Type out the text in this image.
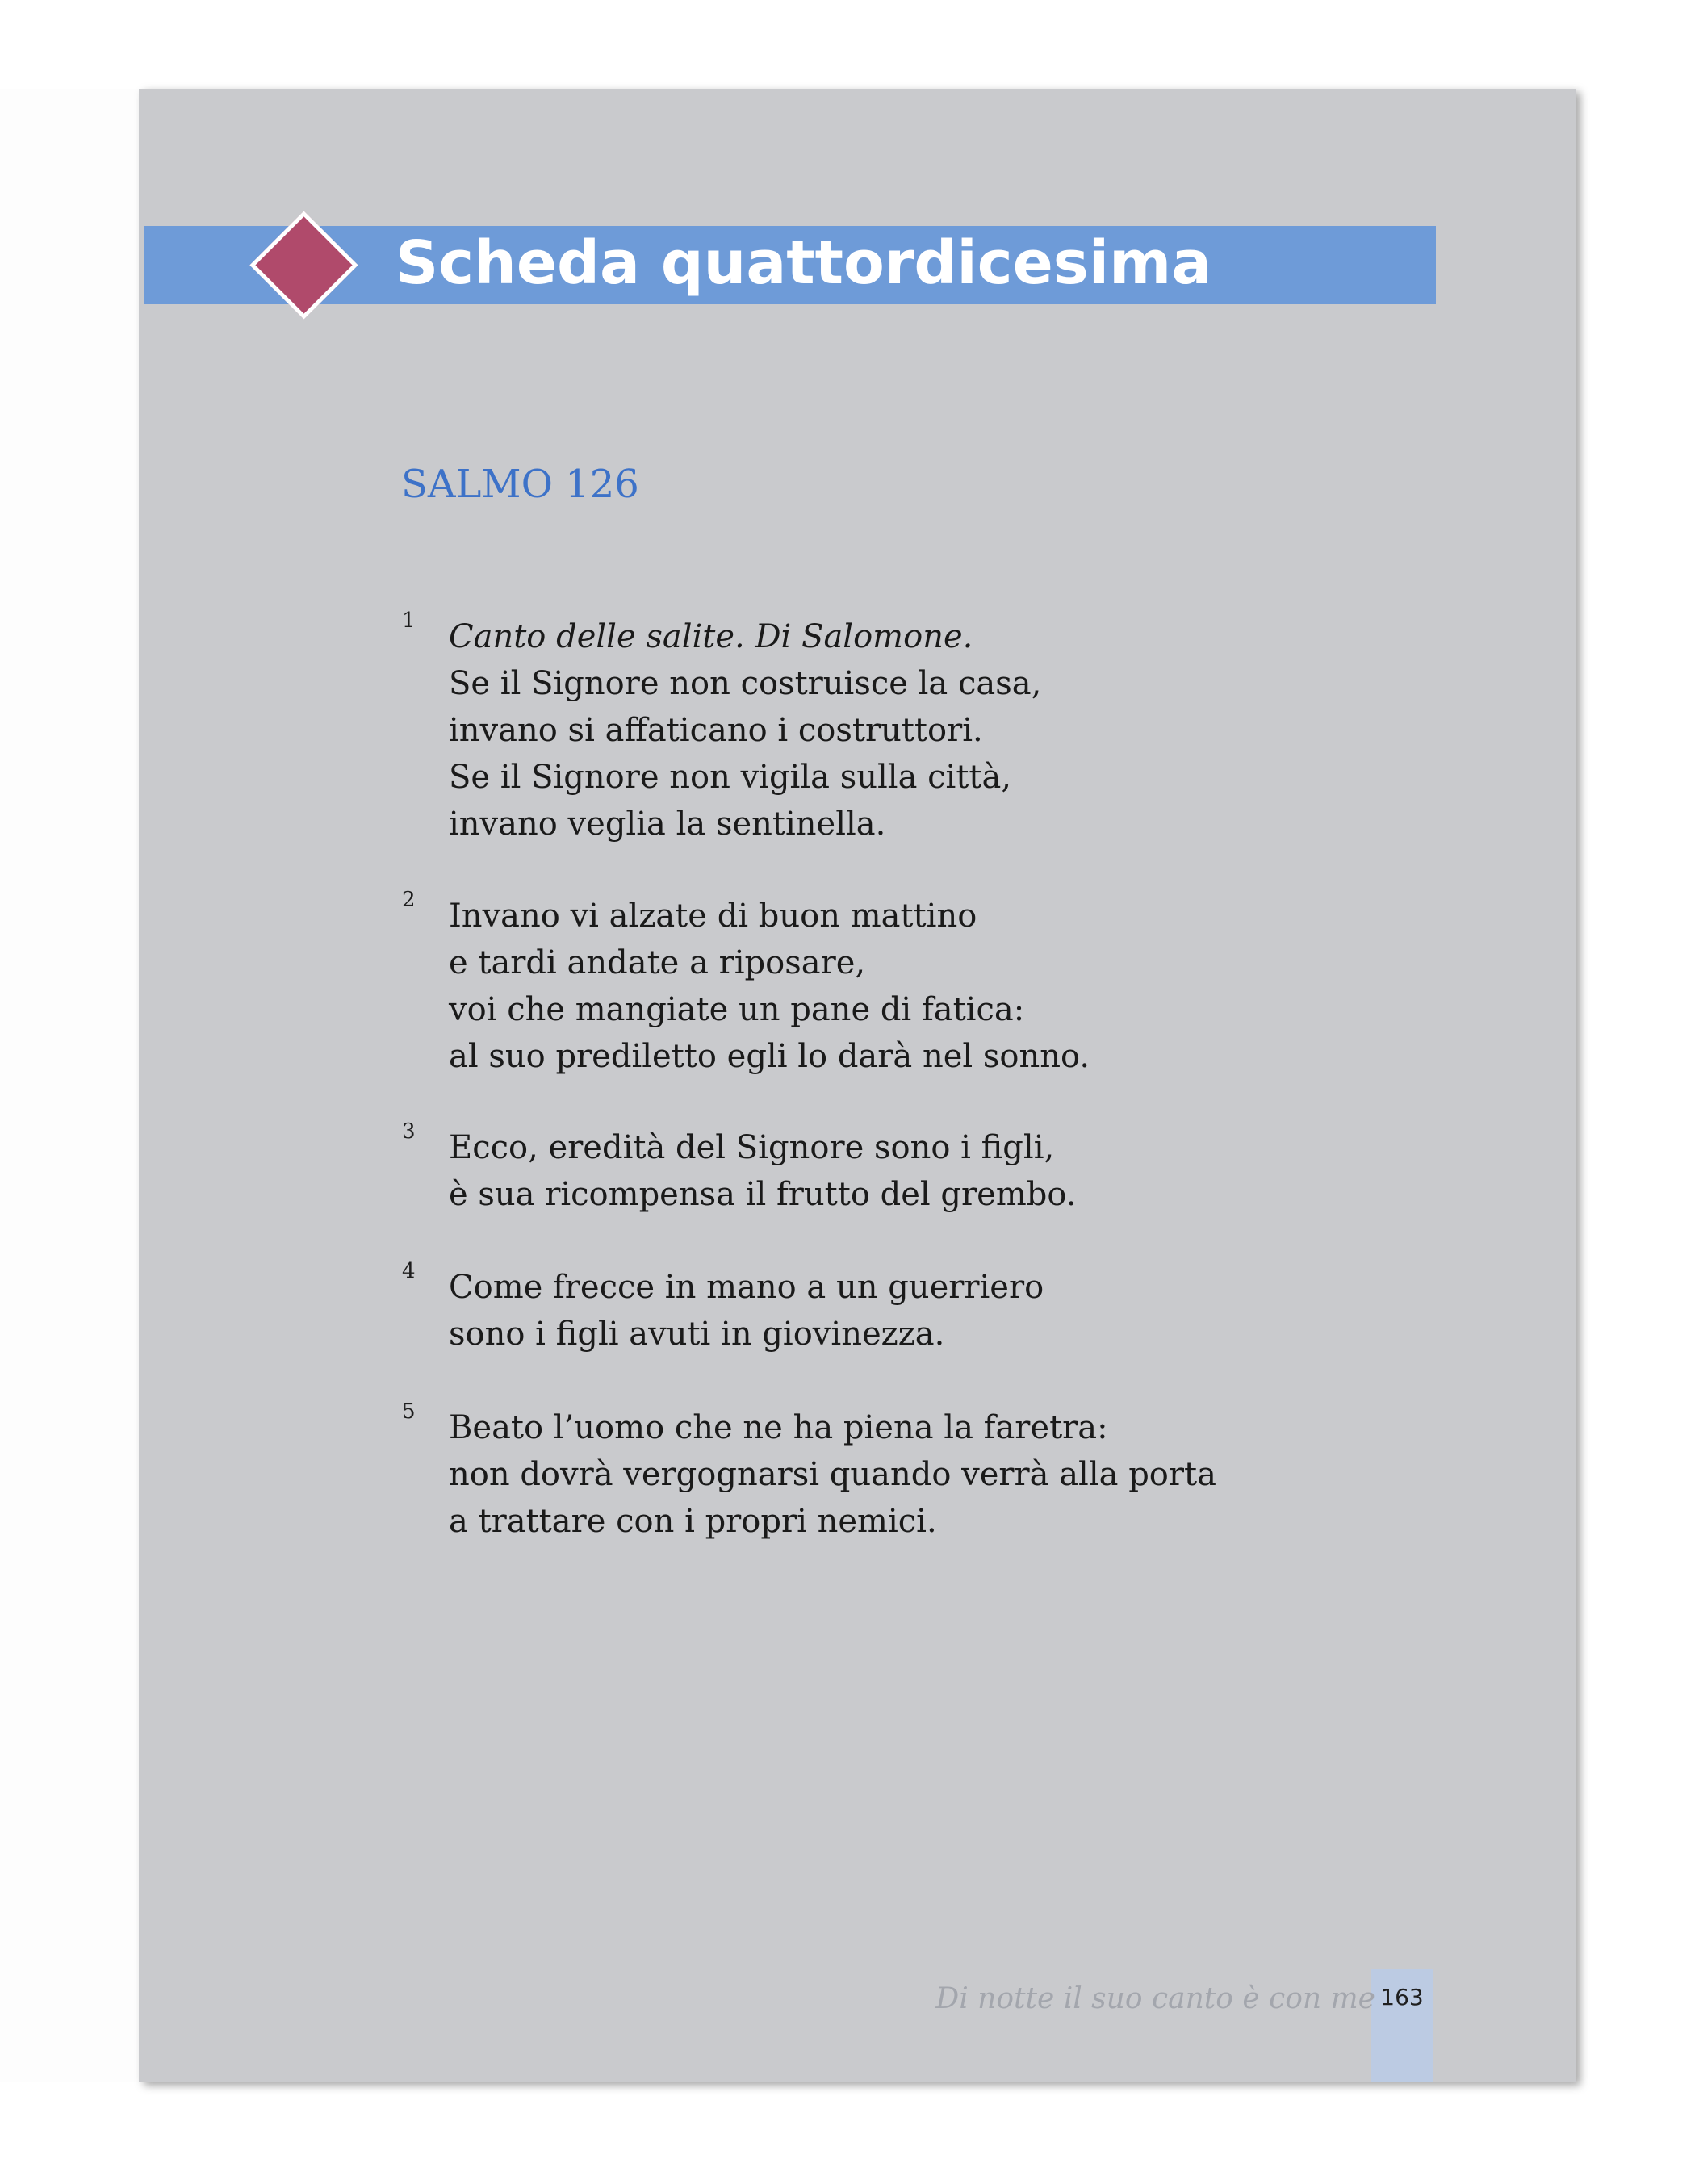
Scheda quattordicesima
SALMO 126
1 Canto delle salite. Di Salomone.
Se il Signore non costruisce la casa,
invano si affaticano i costruttori.
Se il Signore non vigila sulla città,
invano veglia la sentinella.
2 Invano vi alzate di buon mattino
e tardi andate a riposare,
voi che mangiate un pane di fatica:
al suo prediletto egli lo darà nel sonno.
3 Ecco, eredità del Signore sono i figli,
è sua ricompensa il frutto del grembo.
4 Come frecce in mano a un guerriero
sono i figli avuti in giovinezza.
5 Beato l’uomo che ne ha piena la faretra:
non dovrà vergognarsi quando verrà alla porta
a trattare con i propri nemici.
Di notte il suo canto è con me 163
